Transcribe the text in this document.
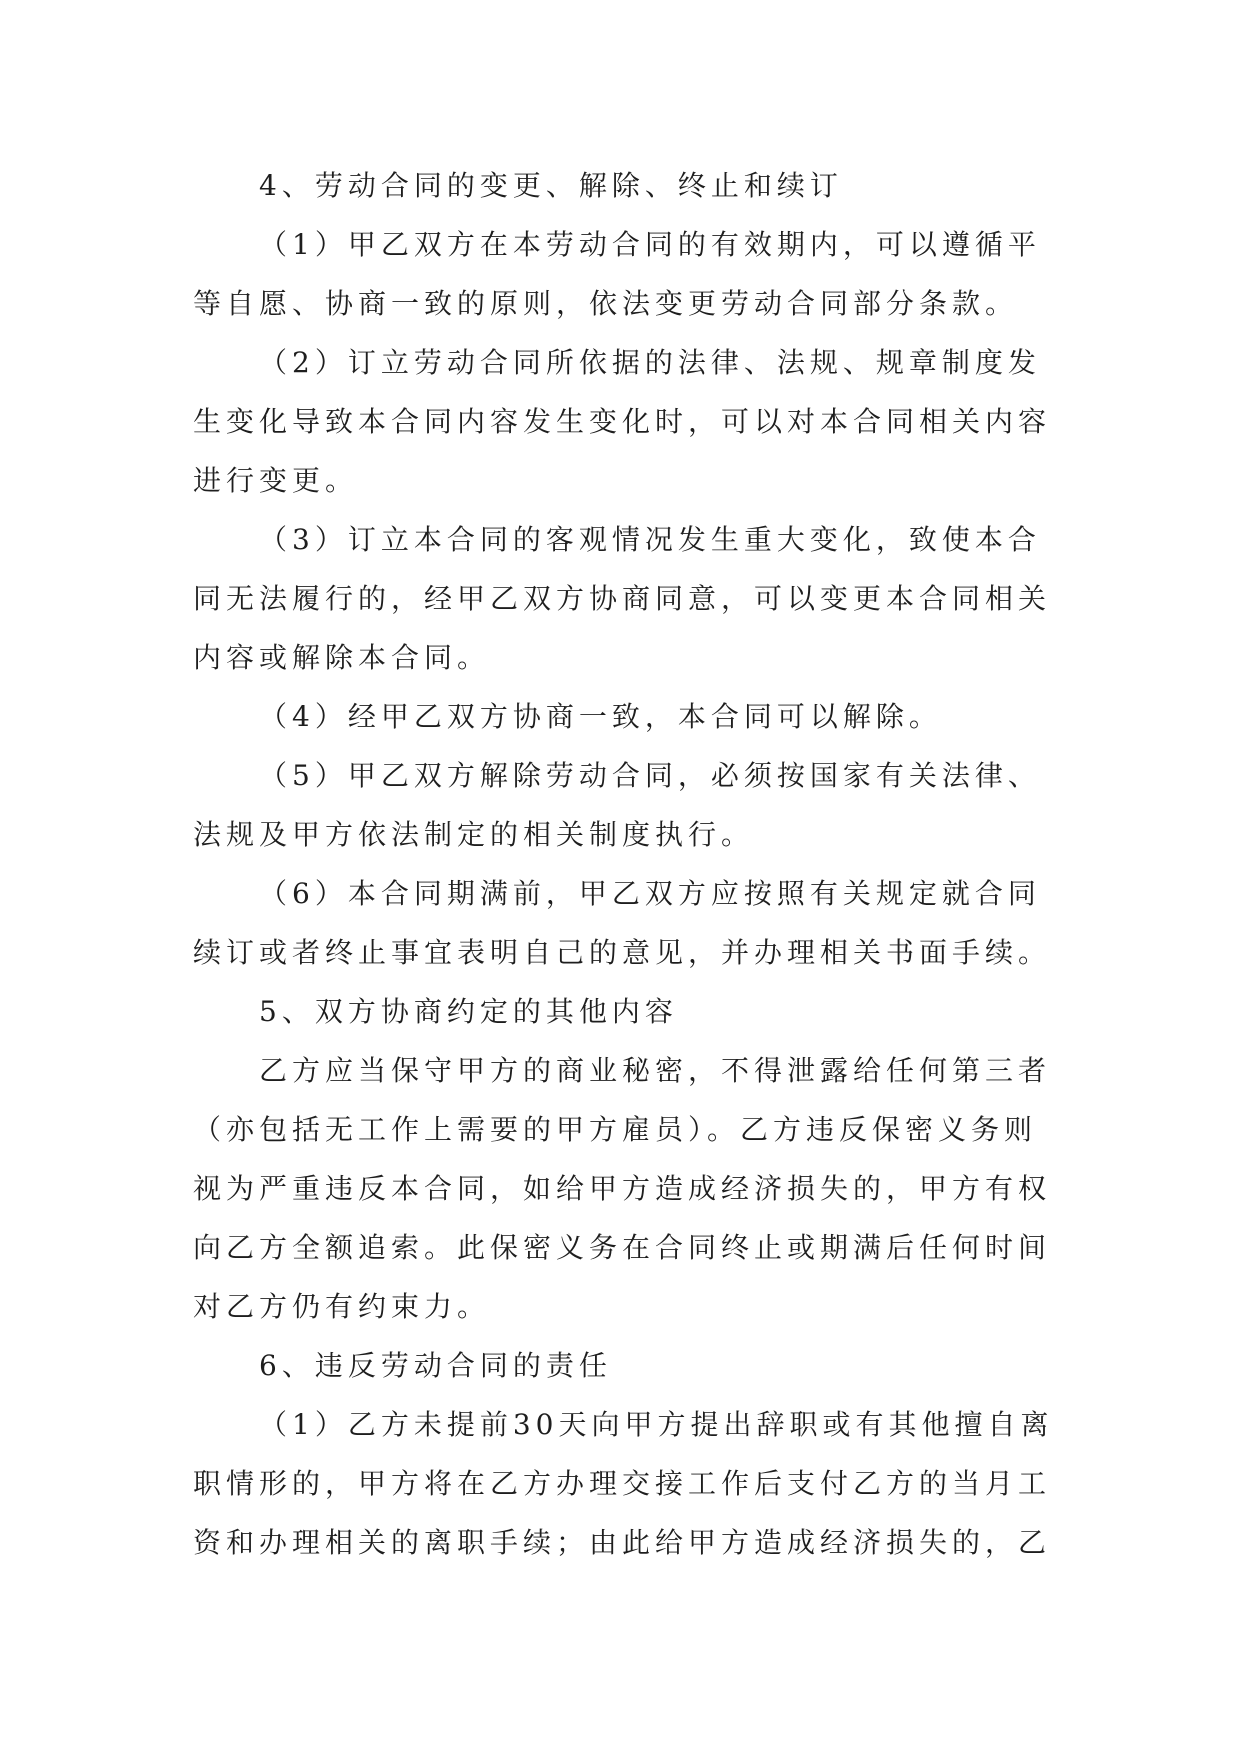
4、劳动合同的变更、解除、终止和续订
（1）甲乙双方在本劳动合同的有效期内，可以遵循平
等自愿、协商一致的原则，依法变更劳动合同部分条款。
（2）订立劳动合同所依据的法律、法规、规章制度发
生变化导致本合同内容发生变化时，可以对本合同相关内容
进行变更。
（3）订立本合同的客观情况发生重大变化，致使本合
同无法履行的，经甲乙双方协商同意，可以变更本合同相关
内容或解除本合同。
（4）经甲乙双方协商一致，本合同可以解除。
（5）甲乙双方解除劳动合同，必须按国家有关法律、
法规及甲方依法制定的相关制度执行。
（6）本合同期满前，甲乙双方应按照有关规定就合同
续订或者终止事宜表明自己的意见，并办理相关书面手续。
5、双方协商约定的其他内容
乙方应当保守甲方的商业秘密，不得泄露给任何第三者
（亦包括无工作上需要的甲方雇员）。乙方违反保密义务则
视为严重违反本合同，如给甲方造成经济损失的，甲方有权
向乙方全额追索。此保密义务在合同终止或期满后任何时间
对乙方仍有约束力。
6、违反劳动合同的责任
（1）乙方未提前30天向甲方提出辞职或有其他擅自离
职情形的，甲方将在乙方办理交接工作后支付乙方的当月工
资和办理相关的离职手续；由此给甲方造成经济损失的，乙
